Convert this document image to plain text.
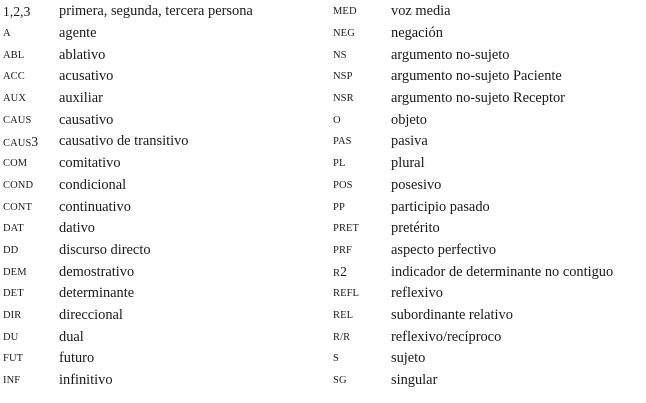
1,2,3	primera, segunda, tercera persona
A	agente
ABL	ablativo
ACC	acusativo
AUX	auxiliar
CAUS	causativo
CAUS3	causativo de transitivo
COM	comitativo
COND	condicional
CONT	continuativo
DAT	dativo
DD	discurso directo
DEM	demostrativo
DET	determinante
DIR	direccional
DU	dual
FUT	futuro
INF	infinitivo
MED	voz media
NEG	negación
NS	argumento no-sujeto
NSP	argumento no-sujeto Paciente
NSR	argumento no-sujeto Receptor
O	objeto
PAS	pasiva
PL	plural
POS	posesivo
PP	participio pasado
PRET	pretérito
PRF	aspecto perfectivo
R2	indicador de determinante no contiguo
REFL	reflexivo
REL	subordinante relativo
R/R	reflexivo/recíproco
S	sujeto
SG	singular
